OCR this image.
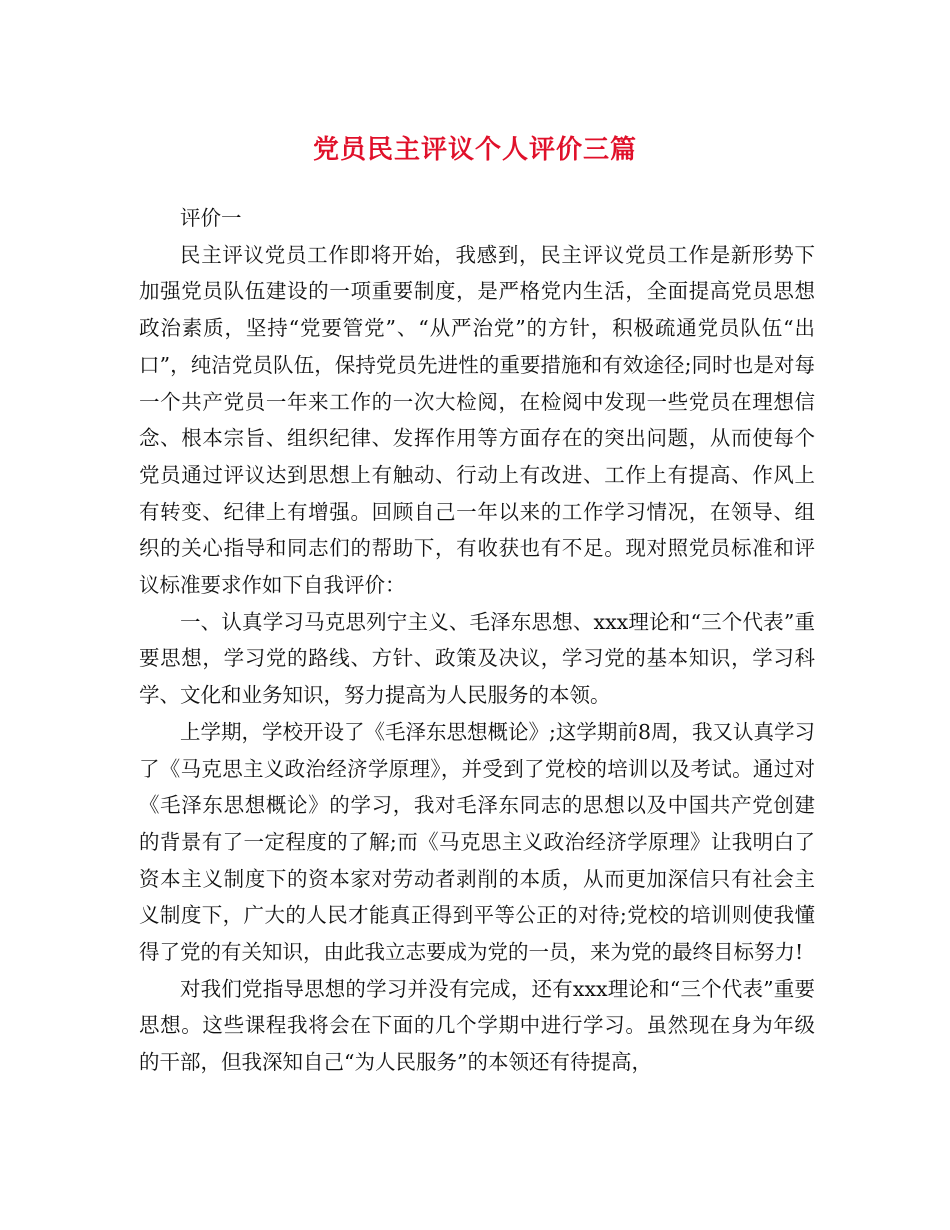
党员民主评议个人评价三篇

评价一

民主评议党员工作即将开始，我感到，民主评议党员工作是新形势下加强党员队伍建设的一项重要制度，是严格党内生活，全面提高党员思想政治素质，坚持“党要管党”、“从严治党”的方针，积极疏通党员队伍“出口”，纯洁党员队伍，保持党员先进性的重要措施和有效途径;同时也是对每一个共产党员一年来工作的一次大检阅，在检阅中发现一些党员在理想信念、根本宗旨、组织纪律、发挥作用等方面存在的突出问题，从而使每个党员通过评议达到思想上有触动、行动上有改进、工作上有提高、作风上有转变、纪律上有增强。回顾自己一年以来的工作学习情况，在领导、组织的关心指导和同志们的帮助下，有收获也有不足。现对照党员标准和评议标准要求作如下自我评价：

一、认真学习马克思列宁主义、毛泽东思想、xxx理论和“三个代表”重要思想，学习党的路线、方针、政策及决议，学习党的基本知识，学习科学、文化和业务知识，努力提高为人民服务的本领。

上学期，学校开设了《毛泽东思想概论》;这学期前8周，我又认真学习了《马克思主义政治经济学原理》，并受到了党校的培训以及考试。通过对《毛泽东思想概论》的学习，我对毛泽东同志的思想以及中国共产党创建的背景有了一定程度的了解;而《马克思主义政治经济学原理》让我明白了资本主义制度下的资本家对劳动者剥削的本质，从而更加深信只有社会主义制度下，广大的人民才能真正得到平等公正的对待;党校的培训则使我懂得了党的有关知识，由此我立志要成为党的一员，来为党的最终目标努力!

对我们党指导思想的学习并没有完成，还有xxx理论和“三个代表”重要思想。这些课程我将会在下面的几个学期中进行学习。虽然现在身为年级的干部，但我深知自己“为人民服务”的本领还有待提高，
